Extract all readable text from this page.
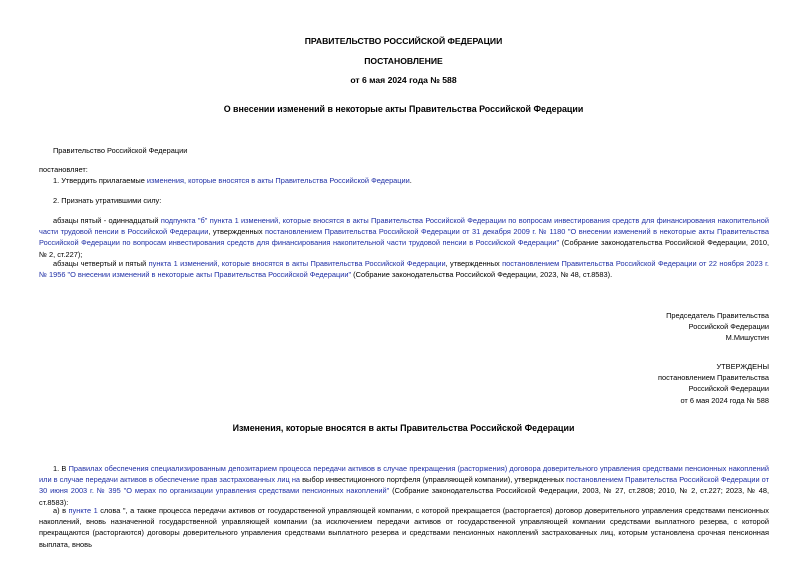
ПРАВИТЕЛЬСТВО РОССИЙСКОЙ ФЕДЕРАЦИИ
ПОСТАНОВЛЕНИЕ
от 6 мая 2024 года № 588
О внесении изменений в некоторые акты Правительства Российской Федерации
Правительство Российской Федерации
постановляет:
1. Утвердить прилагаемые изменения, которые вносятся в акты Правительства Российской Федерации.
2. Признать утратившими силу:
абзацы пятый - одиннадцатый подпункта "б" пункта 1 изменений, которые вносятся в акты Правительства Российской Федерации по вопросам инвестирования средств для финансирования накопительной части трудовой пенсии в Российской Федерации, утвержденных постановлением Правительства Российской Федерации от 31 декабря 2009 г. № 1180 "О внесении изменений в некоторые акты Правительства Российской Федерации по вопросам инвестирования средств для финансирования накопительной части трудовой пенсии в Российской Федерации" (Собрание законодательства Российской Федерации, 2010, № 2, ст.227);
абзацы четвертый и пятый пункта 1 изменений, которые вносятся в акты Правительства Российской Федерации, утвержденных постановлением Правительства Российской Федерации от 22 ноября 2023 г. № 1956 "О внесении изменений в некоторые акты Правительства Российской Федерации" (Собрание законодательства Российской Федерации, 2023, № 48, ст.8583).
Председатель Правительства
Российской Федерации
М.Мишустин
УТВЕРЖДЕНЫ
постановлением Правительства
Российской Федерации
от 6 мая 2024 года № 588
Изменения, которые вносятся в акты Правительства Российской Федерации
1. В Правилах обеспечения специализированным депозитарием процесса передачи активов в случае прекращения (расторжения) договора доверительного управления средствами пенсионных накоплений или в случае передачи активов в обеспечение прав застрахованных лиц на выбор инвестиционного портфеля (управляющей компании), утвержденных постановлением Правительства Российской Федерации от 30 июня 2003 г. № 395 "О мерах по организации управления средствами пенсионных накоплений" (Собрание законодательства Российской Федерации, 2003, № 27, ст.2808; 2010, № 2, ст.227; 2023, № 48, ст.8583):
а) в пункте 1 слова ", а также процесса передачи активов от государственной управляющей компании, с которой прекращается (расторгается) договор доверительного управления средствами пенсионных накоплений, вновь назначенной государственной управляющей компании (за исключением передачи активов от государственной управляющей компании средствами выплатного резерва, с которой прекращаются (расторгаются) договоры доверительного управления средствами выплатного резерва и средствами пенсионных накоплений застрахованных лиц, которым установлена срочная пенсионная выплата, вновь
